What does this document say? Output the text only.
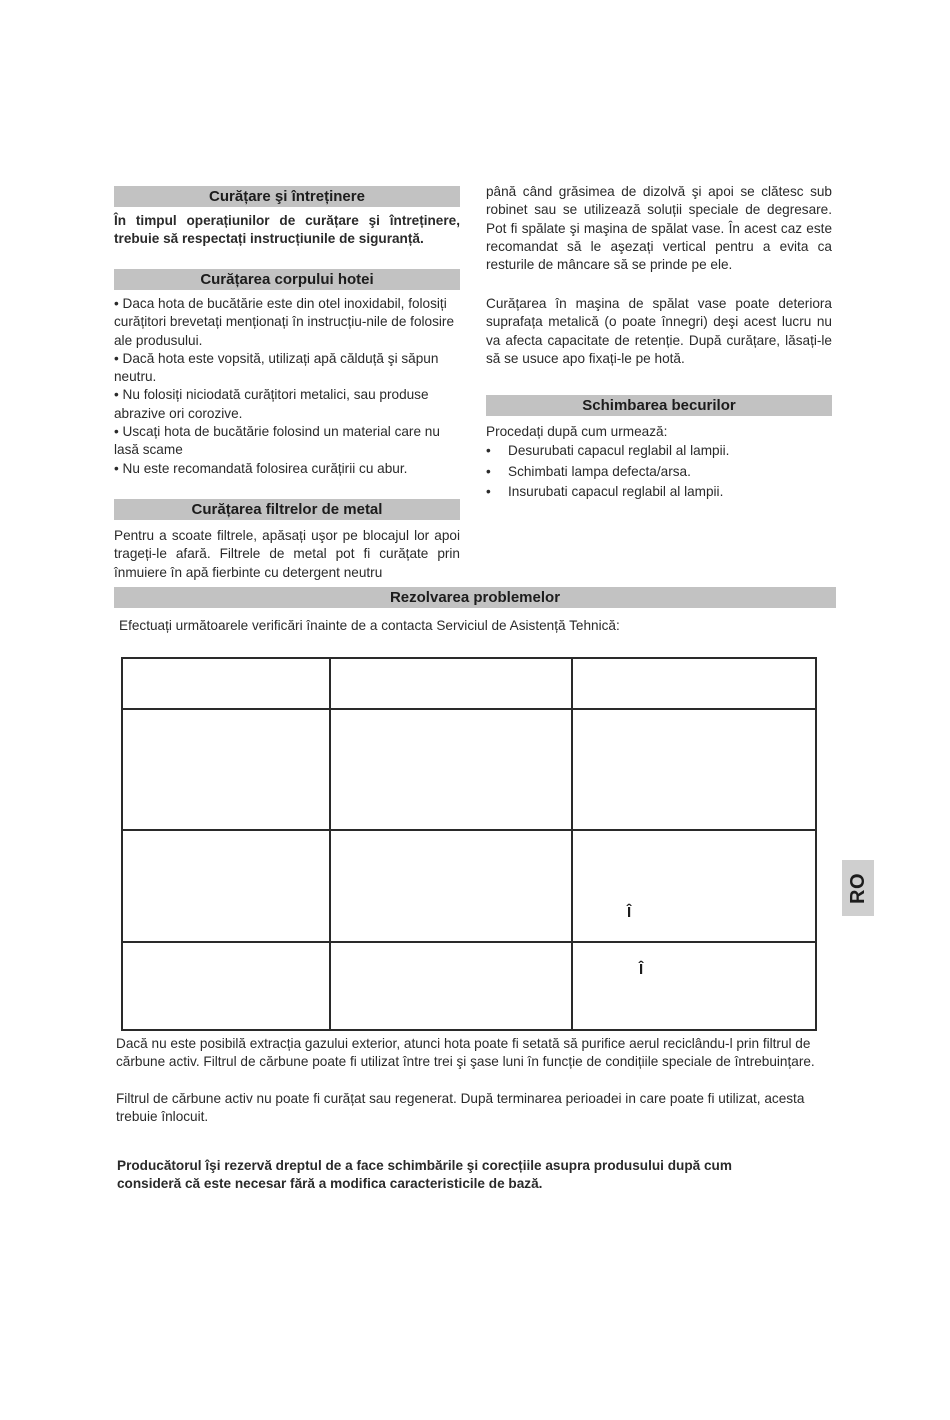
Curățare şi întreținere
În timpul operațiunilor de curățare şi întreținere, trebuie să respectați instrucțiunile de siguranță.
Curățarea corpului hotei
• Daca hota de bucătărie este din otel inoxidabil, folosiți curățitori brevetați menționați în instrucțiu-nile de folosire ale produsului.
• Dacă hota este vopsită, utilizați apă călduță şi săpun neutru.
• Nu folosiți niciodată curățitori metalici, sau produse abrazive ori corozive.
• Uscați hota de bucătărie folosind un material care nu lasă scame
• Nu este recomandată folosirea curățirii cu abur.
Curățarea filtrelor de metal
Pentru a scoate filtrele, apăsați uşor pe blocajul lor apoi trageți-le afară. Filtrele de metal pot fi curățate prin înmuiere în apă fierbinte cu detergent neutru
până când grăsimea de dizolvă şi apoi se clătesc sub robinet sau se utilizează soluții speciale de degresare. Pot fi spălate şi maşina de spălat vase. În acest caz este recomandat să le aşezați vertical pentru a evita ca resturile de mâncare să se prinde pe ele.
Curățarea în maşina de spălat vase poate deteriora suprafața metalică (o poate înnegri) deşi acest lucru nu va afecta capacitate de retenție. După curățare, lăsați-le să se usuce apo fixați-le pe hotă.
Schimbarea becurilor
Procedați după cum urmează:
• Desurubati capacul reglabil al lampii.
• Schimbati lampa defecta/arsa.
• Insurubati capacul reglabil al lampii.
Rezolvarea problemelor
Efectuați următoarele verificări înainte de a contacta Serviciul de Asistență Tehnică:

		Î

		Î
Dacă nu este posibilă extracția gazului exterior, atunci hota poate fi setată să purifice aerul reciclându-l prin filtrul de cărbune activ. Filtrul de cărbune poate fi utilizat între trei şi şase luni în funcție de condițiile speciale de întrebuințare.
Filtrul de cărbune activ nu poate fi curățat sau regenerat. După terminarea perioadei in care poate fi utilizat, acesta trebuie înlocuit.
Producătorul îşi rezervă dreptul de a face schimbările şi corecțiile asupra produsului după cum consideră că este necesar fără a modifica caracteristicile de bază.
RO
